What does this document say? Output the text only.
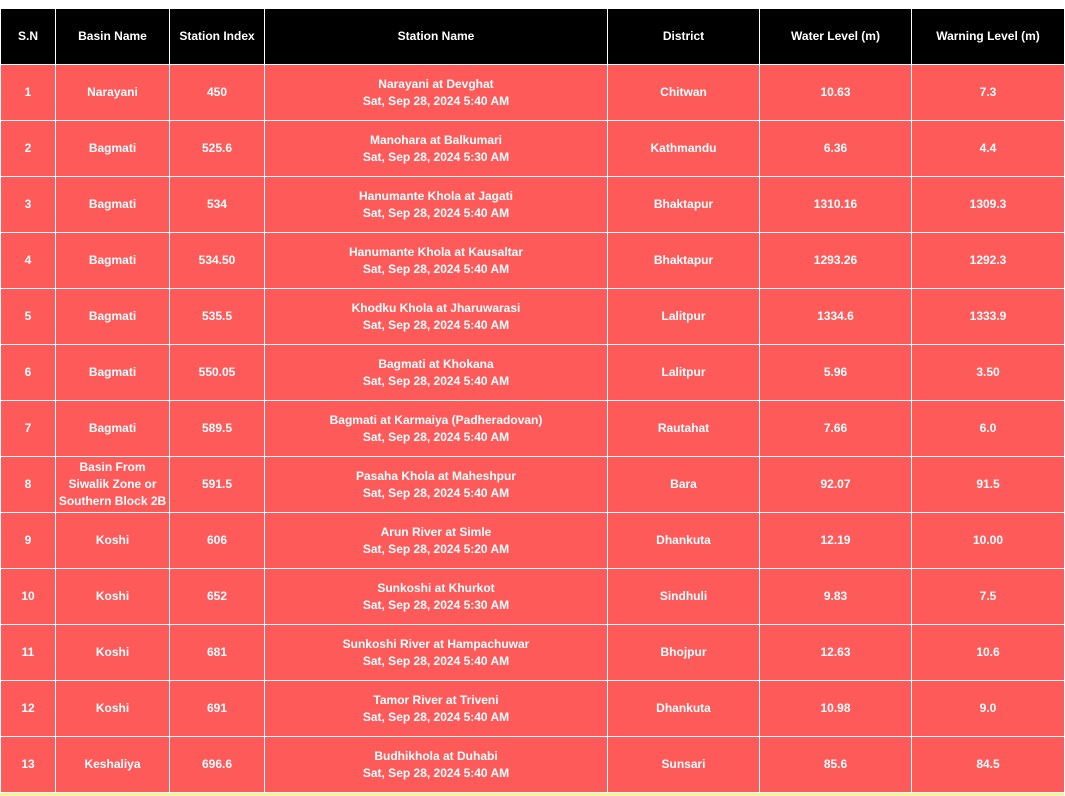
S.N	Basin Name	Station Index	Station Name	District	Water Level (m)	Warning Level (m)
1	Narayani	450	Narayani at Devghat
Sat, Sep 28, 2024 5:40 AM	Chitwan	10.63	7.3
2	Bagmati	525.6	Manohara at Balkumari
Sat, Sep 28, 2024 5:30 AM	Kathmandu	6.36	4.4
3	Bagmati	534	Hanumante Khola at Jagati
Sat, Sep 28, 2024 5:40 AM	Bhaktapur	1310.16	1309.3
4	Bagmati	534.50	Hanumante Khola at Kausaltar
Sat, Sep 28, 2024 5:40 AM	Bhaktapur	1293.26	1292.3
5	Bagmati	535.5	Khodku Khola at Jharuwarasi
Sat, Sep 28, 2024 5:40 AM	Lalitpur	1334.6	1333.9
6	Bagmati	550.05	Bagmati at Khokana
Sat, Sep 28, 2024 5:40 AM	Lalitpur	5.96	3.50
7	Bagmati	589.5	Bagmati at Karmaiya (Padheradovan)
Sat, Sep 28, 2024 5:40 AM	Rautahat	7.66	6.0
8	Basin From Siwalik Zone or Southern Block 2B	591.5	Pasaha Khola at Maheshpur
Sat, Sep 28, 2024 5:40 AM	Bara	92.07	91.5
9	Koshi	606	Arun River at Simle
Sat, Sep 28, 2024 5:20 AM	Dhankuta	12.19	10.00
10	Koshi	652	Sunkoshi at Khurkot
Sat, Sep 28, 2024 5:30 AM	Sindhuli	9.83	7.5
11	Koshi	681	Sunkoshi River at Hampachuwar
Sat, Sep 28, 2024 5:40 AM	Bhojpur	12.63	10.6
12	Koshi	691	Tamor River at Triveni
Sat, Sep 28, 2024 5:40 AM	Dhankuta	10.98	9.0
13	Keshaliya	696.6	Budhikhola at Duhabi
Sat, Sep 28, 2024 5:40 AM	Sunsari	85.6	84.5
